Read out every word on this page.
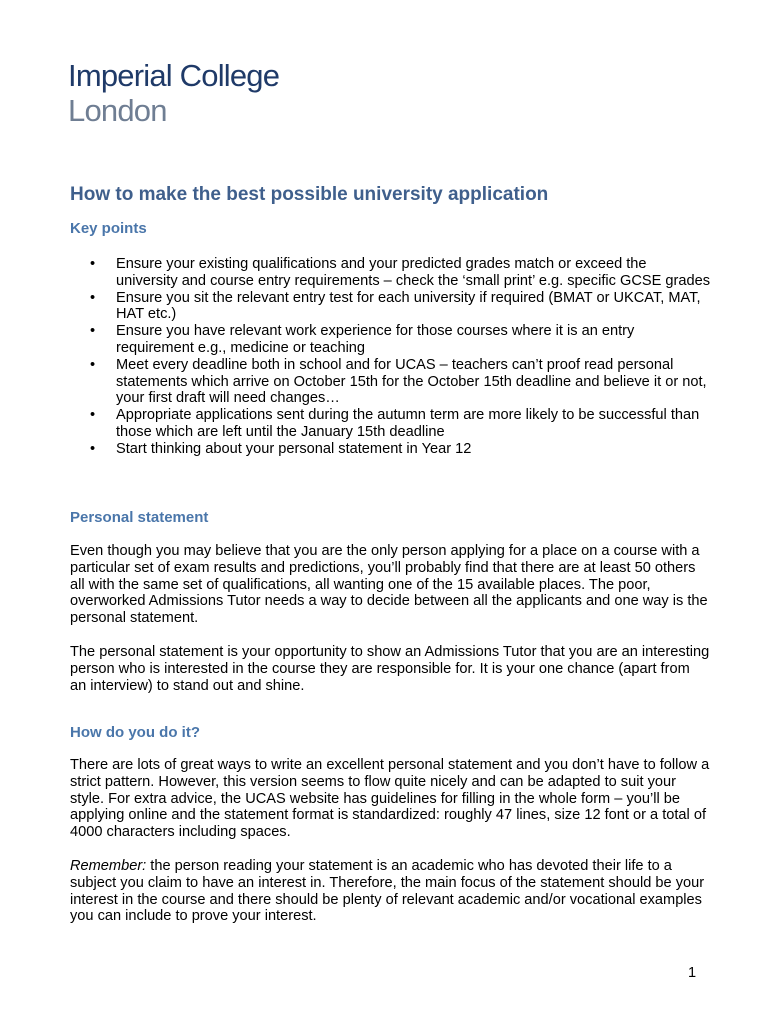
Imperial College
London
How to make the best possible university application
Key points
• Ensure your existing qualifications and your predicted grades match or exceed the university and course entry requirements – check the ‘small print’ e.g. specific GCSE grades
• Ensure you sit the relevant entry test for each university if required (BMAT or UKCAT, MAT, HAT etc.)
• Ensure you have relevant work experience for those courses where it is an entry requirement e.g., medicine or teaching
• Meet every deadline both in school and for UCAS – teachers can’t proof read personal statements which arrive on October 15th for the October 15th deadline and believe it or not, your first draft will need changes…
• Appropriate applications sent during the autumn term are more likely to be successful than those which are left until the January 15th deadline
• Start thinking about your personal statement in Year 12
Personal statement

Even though you may believe that you are the only person applying for a place on a course with a particular set of exam results and predictions, you’ll probably find that there are at least 50 others all with the same set of qualifications, all wanting one of the 15 available places. The poor, overworked Admissions Tutor needs a way to decide between all the applicants and one way is the personal statement.

The personal statement is your opportunity to show an Admissions Tutor that you are an interesting person who is interested in the course they are responsible for. It is your one chance (apart from an interview) to stand out and shine.

How do you do it?

There are lots of great ways to write an excellent personal statement and you don’t have to follow a strict pattern. However, this version seems to flow quite nicely and can be adapted to suit your style. For extra advice, the UCAS website has guidelines for filling in the whole form – you’ll be applying online and the statement format is standardized: roughly 47 lines, size 12 font or a total of 4000 characters including spaces.

Remember: the person reading your statement is an academic who has devoted their life to a subject you claim to have an interest in. Therefore, the main focus of the statement should be your interest in the course and there should be plenty of relevant academic and/or vocational examples you can include to prove your interest.

1
